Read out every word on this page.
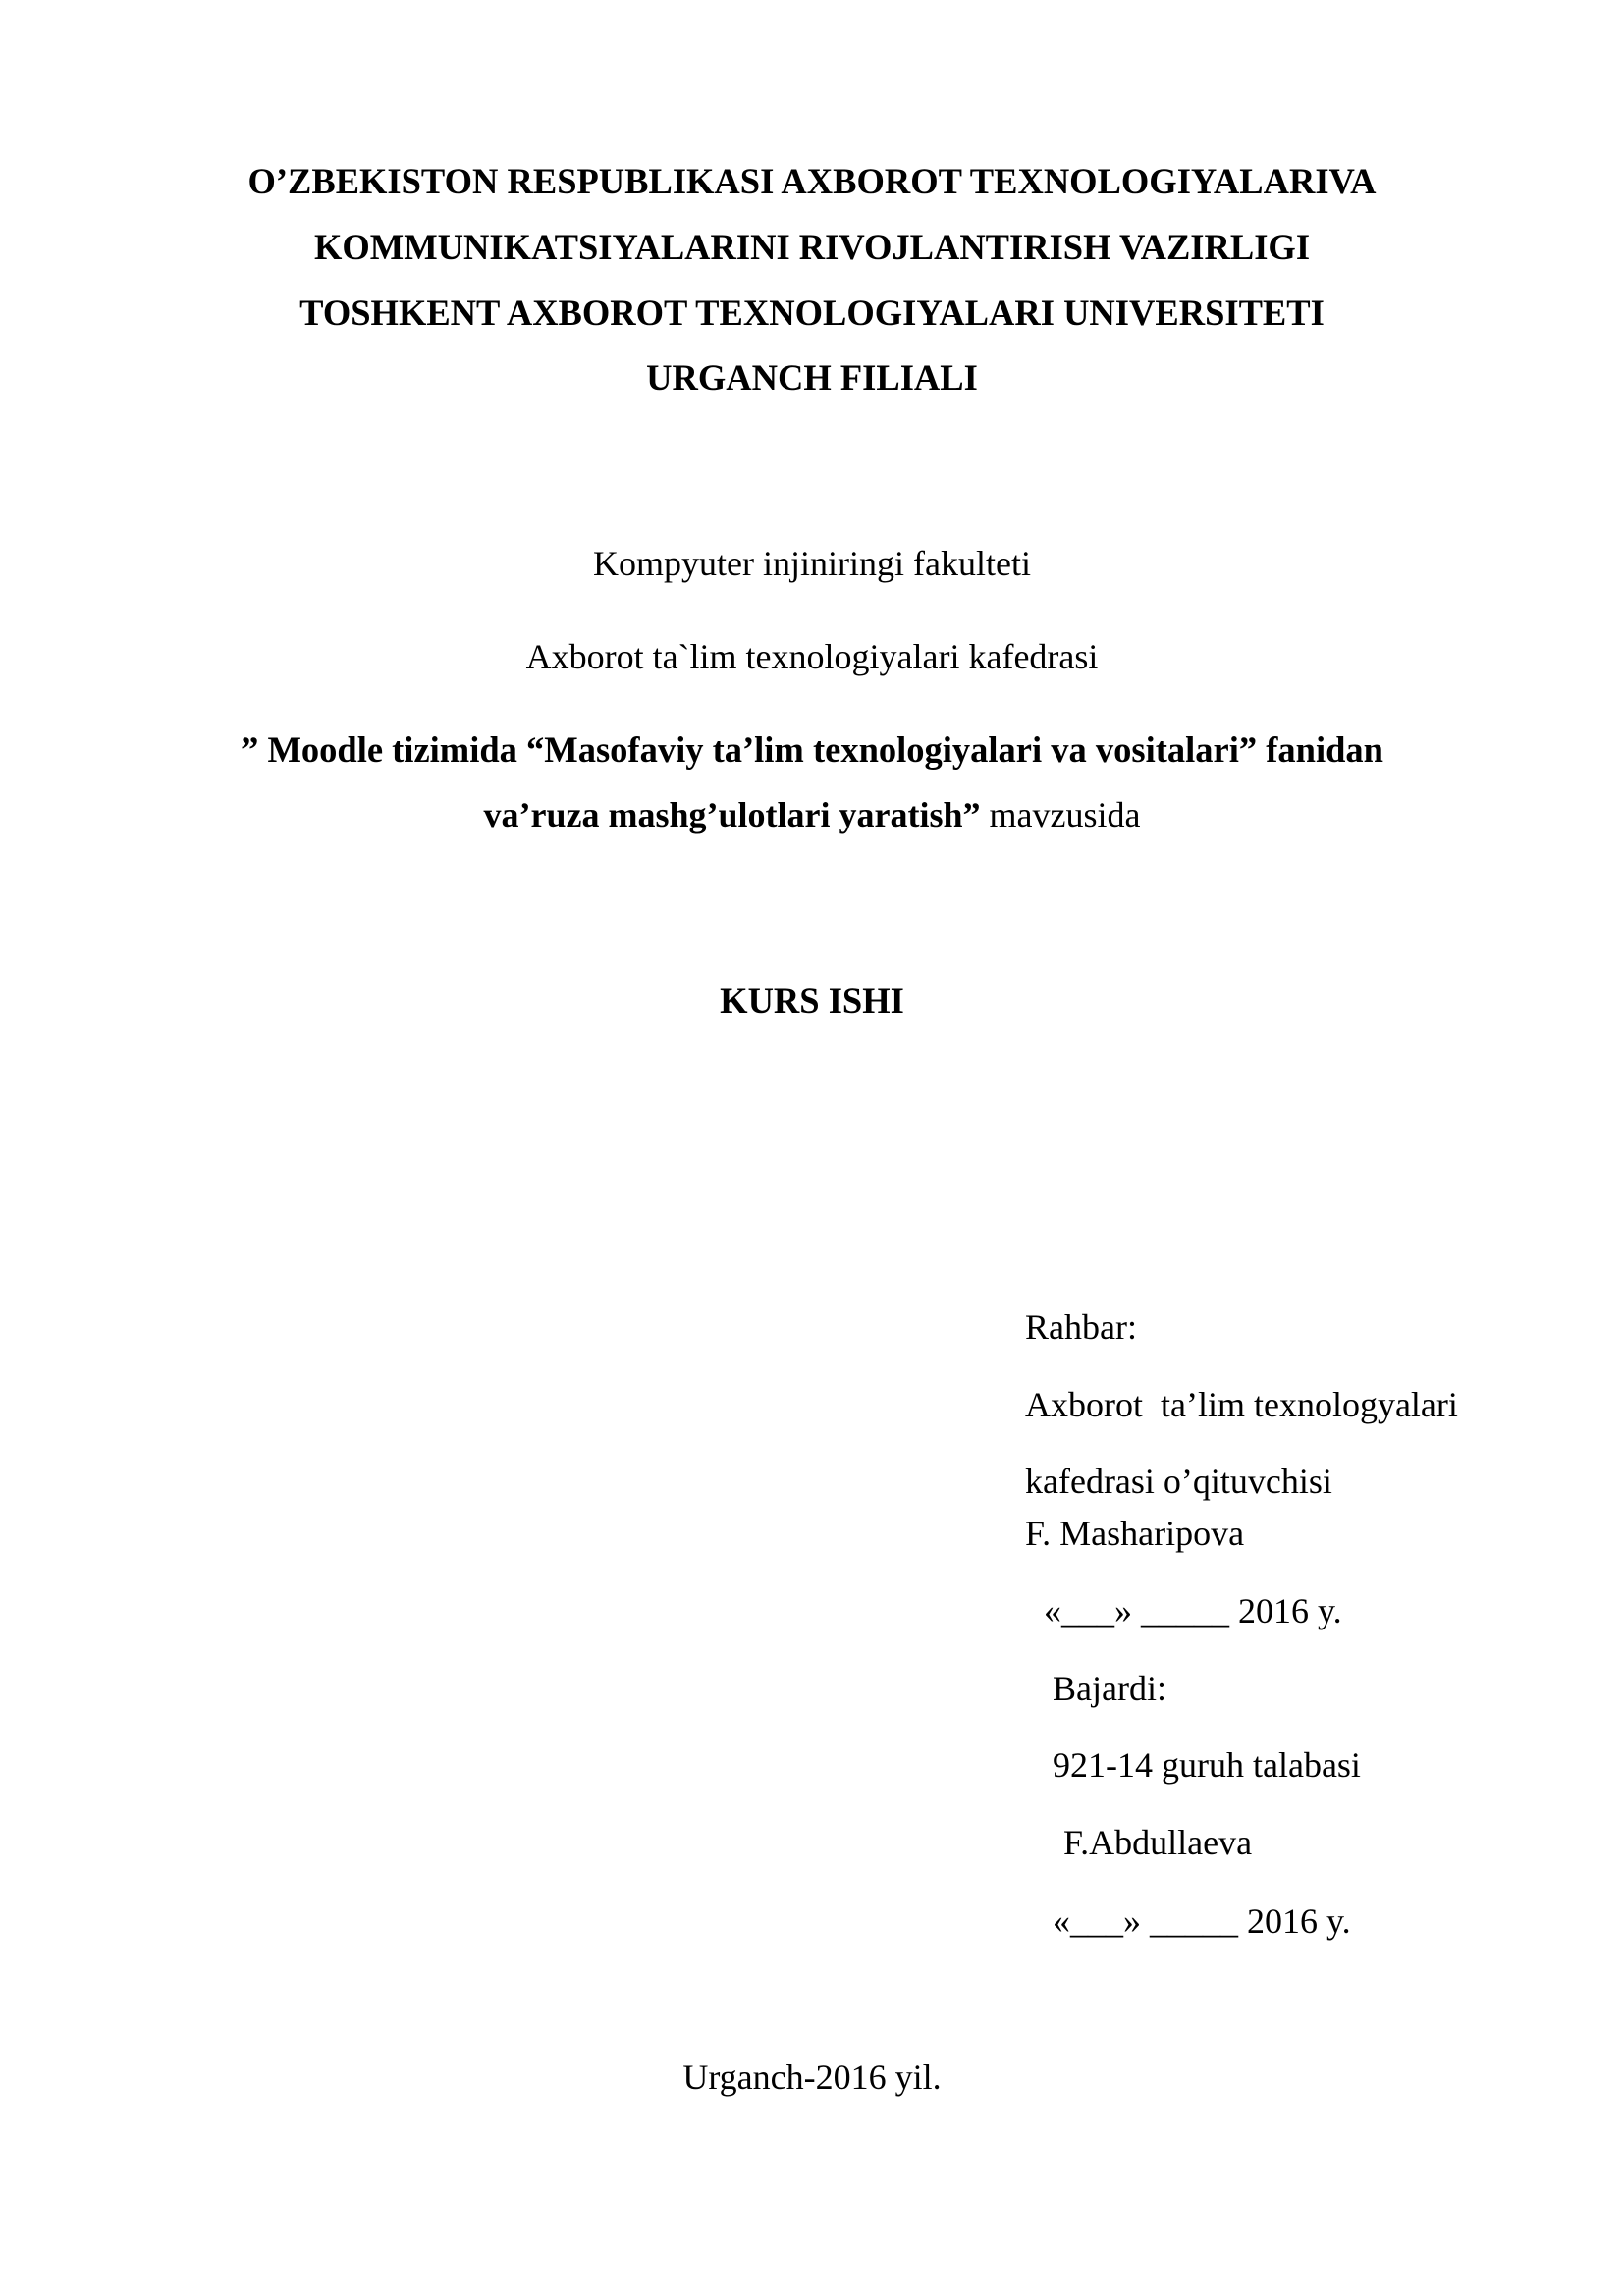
O’ZBEKISTON RESPUBLIKASI AXBOROT TEXNOLOGIYALARIVA
KOMMUNIKATSIYALARINI RIVOJLANTIRISH VAZIRLIGI
TOSHKENT AXBOROT TEXNOLOGIYALARI UNIVERSITETI
URGANCH FILIALI
Kompyuter injiniringi fakulteti
Axborot ta`lim texnologiyalari kafedrasi
” Moodle tizimida “Masofaviy ta’lim texnologiyalari va vositalari” fanidan
va’ruza mashg’ulotlari yaratish” mavzusida
KURS ISHI
Rahbar:
Axborot  ta’lim texnologyalari
kafedrasi o’qituvchisi
F. Masharipova
«___» _____ 2016 y.
Bajardi:
921-14 guruh talabasi
F.Abdullaeva
«___» _____ 2016 y.
Urganch-2016 yil.
